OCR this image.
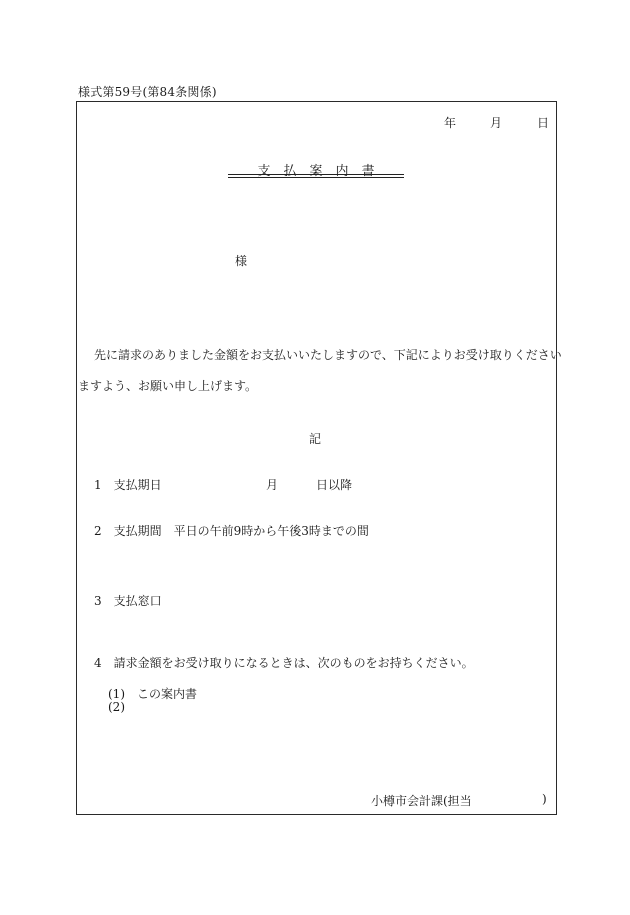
様式第59号(第84条関係)
年	月	日
支　払　案　内　書
様
先に請求のありました金額をお支払いいたしますので、下記によりお受け取りください
ますよう、お願い申し上げます。
記
1 支払期日	月	日以降
2 支払期間 平日の午前9時から午後3時までの間
3 支払窓口
4 請求金額をお受け取りになるときは、次のものをお持ちください。
(1) この案内書
(2)
小樽市会計課(担当	)
